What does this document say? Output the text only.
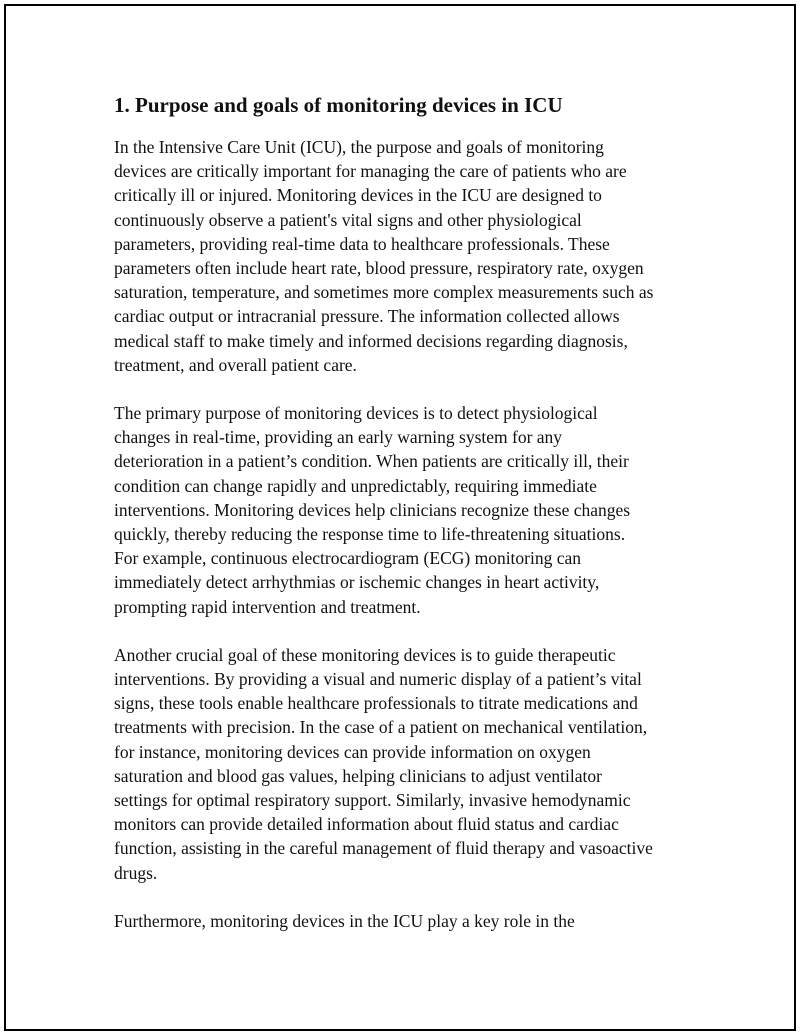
1. Purpose and goals of monitoring devices in ICU

In the Intensive Care Unit (ICU), the purpose and goals of monitoring
devices are critically important for managing the care of patients who are
critically ill or injured. Monitoring devices in the ICU are designed to
continuously observe a patient's vital signs and other physiological
parameters, providing real-time data to healthcare professionals. These
parameters often include heart rate, blood pressure, respiratory rate, oxygen
saturation, temperature, and sometimes more complex measurements such as
cardiac output or intracranial pressure. The information collected allows
medical staff to make timely and informed decisions regarding diagnosis,
treatment, and overall patient care.

The primary purpose of monitoring devices is to detect physiological
changes in real-time, providing an early warning system for any
deterioration in a patient’s condition. When patients are critically ill, their
condition can change rapidly and unpredictably, requiring immediate
interventions. Monitoring devices help clinicians recognize these changes
quickly, thereby reducing the response time to life-threatening situations.
For example, continuous electrocardiogram (ECG) monitoring can
immediately detect arrhythmias or ischemic changes in heart activity,
prompting rapid intervention and treatment.

Another crucial goal of these monitoring devices is to guide therapeutic
interventions. By providing a visual and numeric display of a patient’s vital
signs, these tools enable healthcare professionals to titrate medications and
treatments with precision. In the case of a patient on mechanical ventilation,
for instance, monitoring devices can provide information on oxygen
saturation and blood gas values, helping clinicians to adjust ventilator
settings for optimal respiratory support. Similarly, invasive hemodynamic
monitors can provide detailed information about fluid status and cardiac
function, assisting in the careful management of fluid therapy and vasoactive
drugs.

Furthermore, monitoring devices in the ICU play a key role in the
